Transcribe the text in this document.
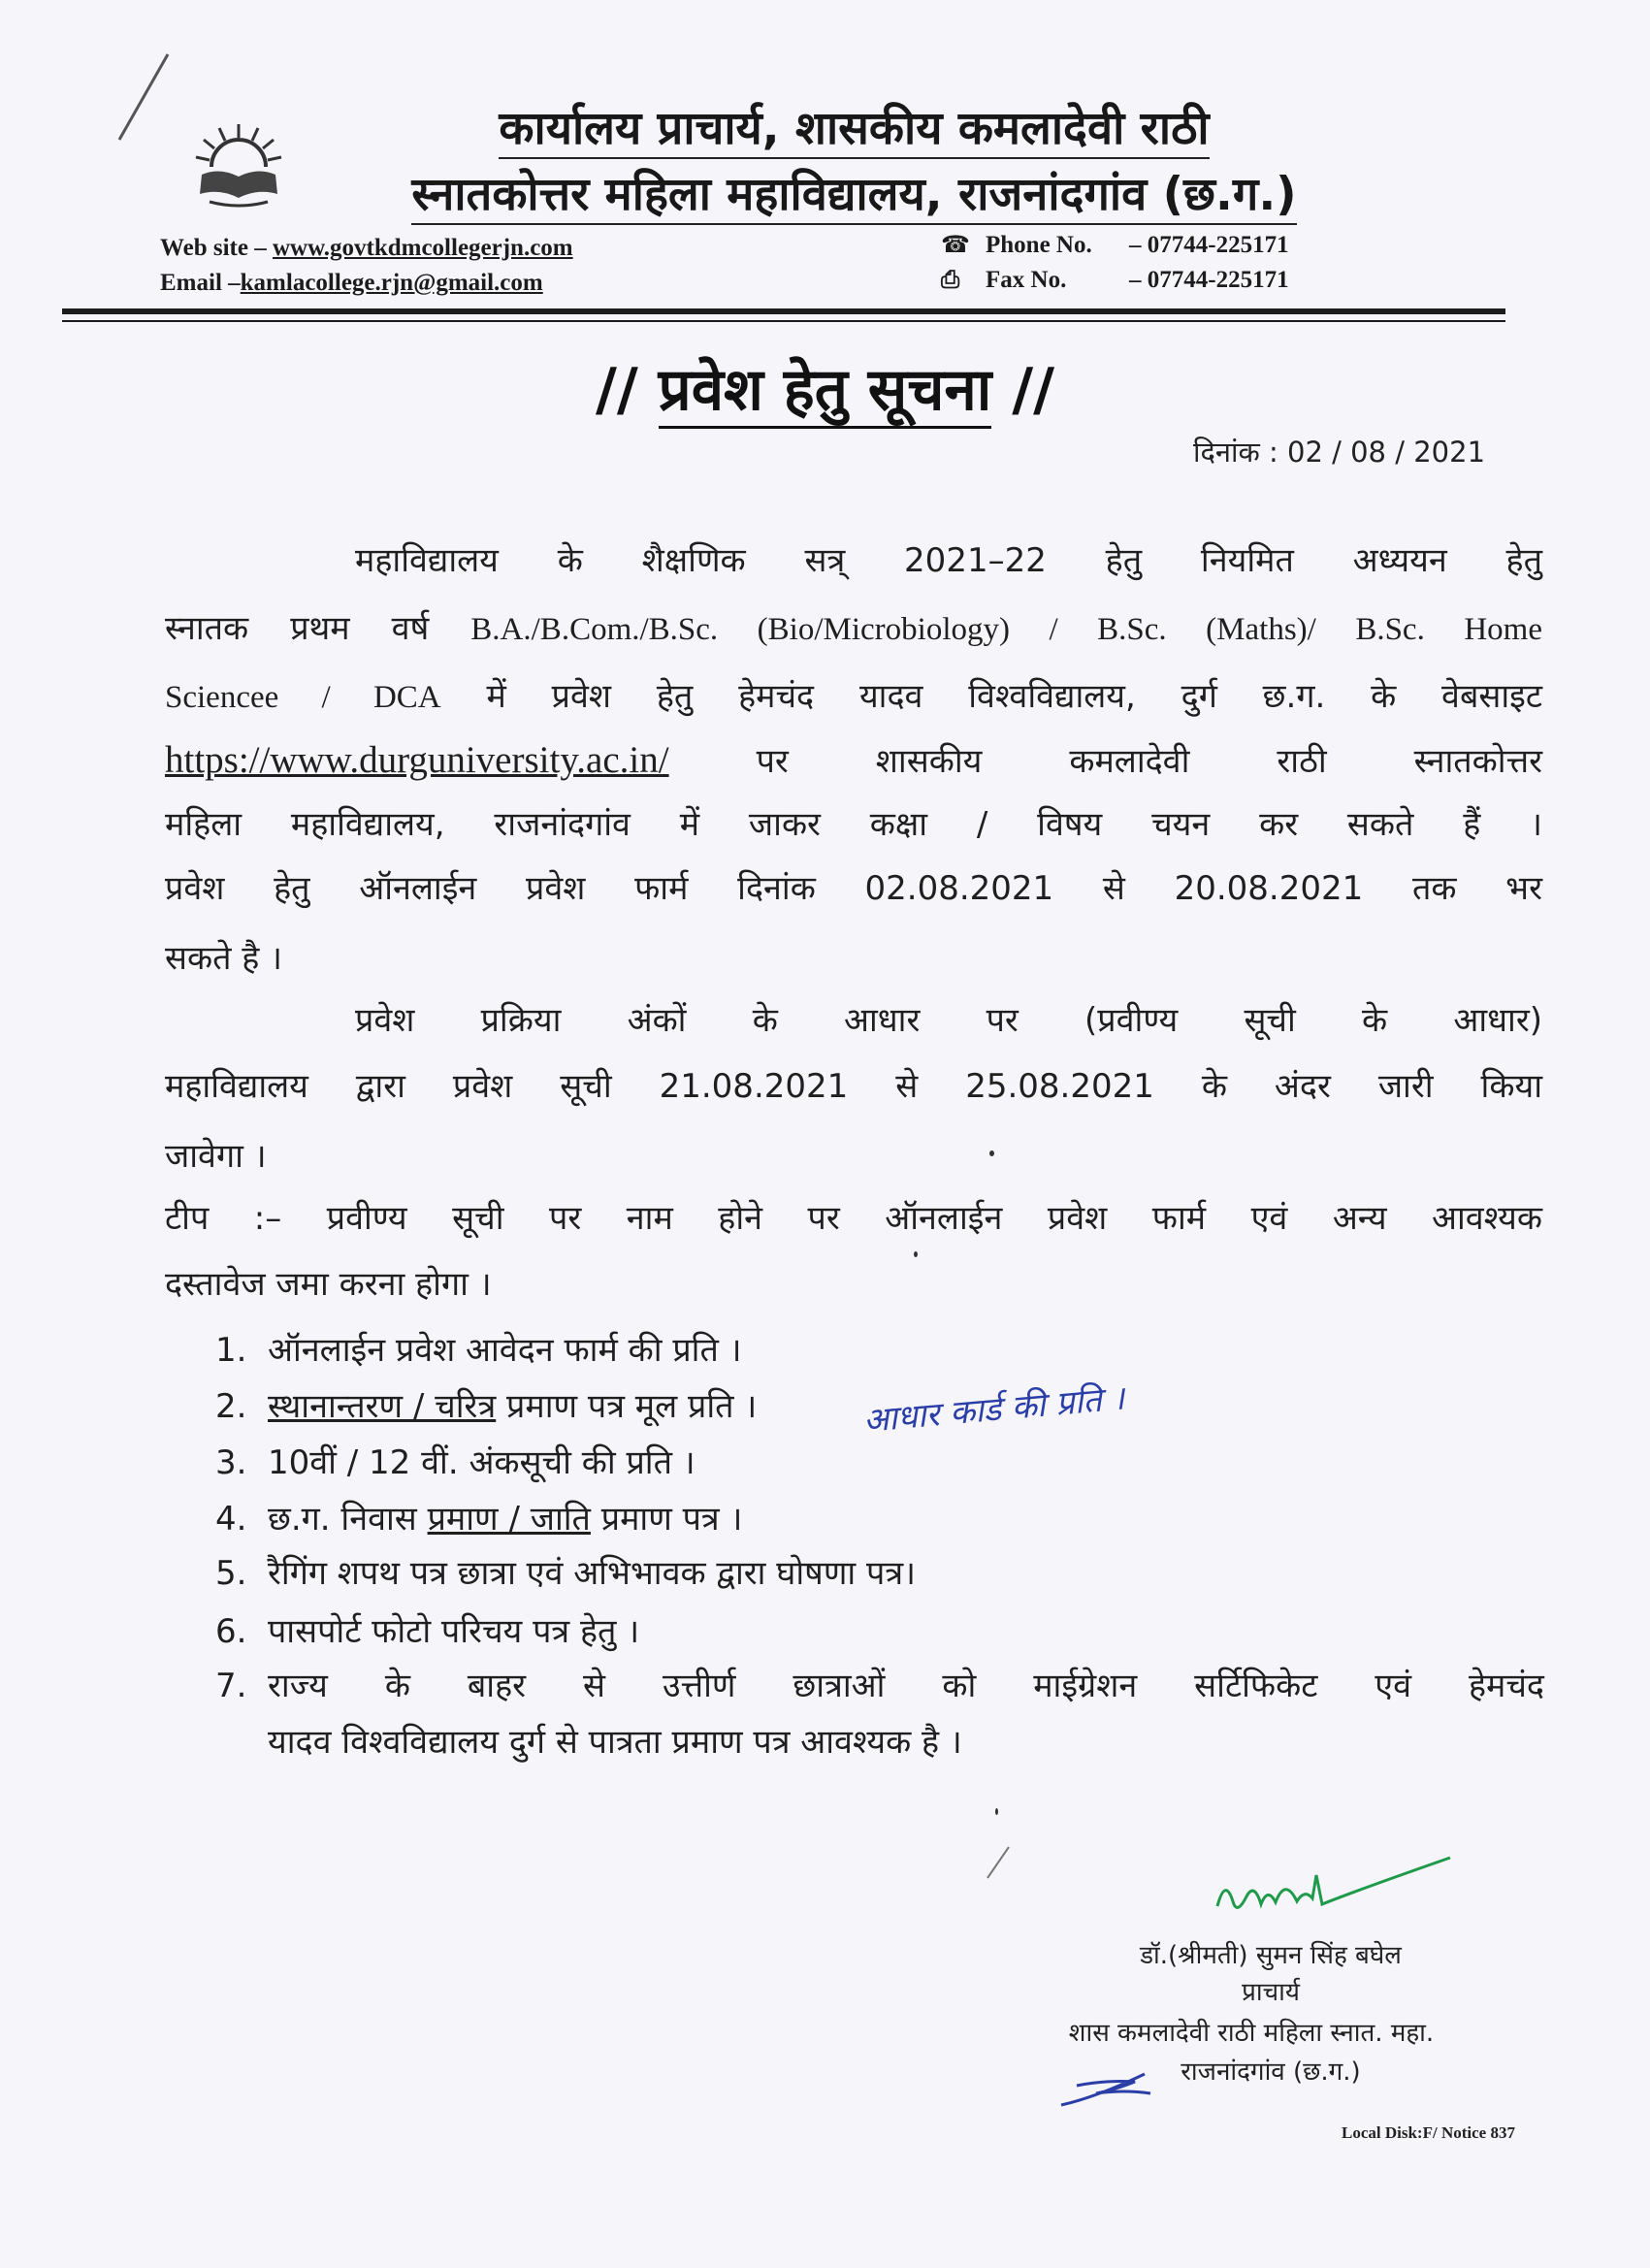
कार्यालय प्राचार्य, शासकीय कमलादेवी राठी
स्नातकोत्तर महिला महाविद्यालय, राजनांदगांव (छ.ग.)
Web site – www.govtkdmcollegerjn.com
Email –kamlacollege.rjn@gmail.com
☎ Phone No. – 07744-225171
⎙ Fax No.	– 07744-225171
// प्रवेश हेतु सूचना //
दिनांक : 02 / 08 / 2021
महाविद्यालय के शैक्षणिक सत्र् 2021–22 हेतु नियमित अध्ययन हेतु
स्नातक प्रथम वर्ष B.A./B.Com./B.Sc. (Bio/Microbiology) / B.Sc. (Maths)/ B.Sc. Home
Sciencee / DCA में प्रवेश हेतु हेमचंद यादव विश्वविद्यालय, दुर्ग छ.ग. के वेबसाइट
https://www.durguniversity.ac.in/	पर शासकीय कमलादेवी राठी स्नातकोत्तर
महिला महाविद्यालय, राजनांदगांव में जाकर कक्षा / विषय चयन कर सकते हैं ।
प्रवेश हेतु ऑनलाईन प्रवेश फार्म दिनांक 02.08.2021 से 20.08.2021 तक भर
सकते है ।
प्रवेश प्रक्रिया अंकों के आधार पर (प्रवीण्य सूची के आधार)
महाविद्यालय द्वारा प्रवेश सूची 21.08.2021 से 25.08.2021 के अंदर जारी किया
जावेगा ।
टीप :– प्रवीण्य सूची पर नाम होने पर ऑनलाईन प्रवेश फार्म एवं अन्य आवश्यक
दस्तावेज जमा करना होगा ।
1. ऑनलाईन प्रवेश आवेदन फार्म की प्रति ।
2. स्थानान्तरण / चरित्र प्रमाण पत्र मूल प्रति ।
3. 10वीं / 12 वीं. अंकसूची की प्रति ।
4. छ.ग. निवास प्रमाण / जाति प्रमाण पत्र ।
5. रैगिंग शपथ पत्र छात्रा एवं अभिभावक द्वारा घोषणा पत्र।
6. पासपोर्ट फोटो परिचय पत्र हेतु ।
7. राज्य के बाहर से उत्तीर्ण छात्राओं को माईग्रेशन सर्टिफिकेट एवं हेमचंद
यादव विश्वविद्यालय दुर्ग से पात्रता प्रमाण पत्र आवश्यक है ।
आधार कार्ड की प्रति ।
डॉ.(श्रीमती) सुमन सिंह बघेल
प्राचार्य
शास कमलादेवी राठी महिला स्नात. महा.
राजनांदगांव (छ.ग.)
Local Disk:F/ Notice 837
